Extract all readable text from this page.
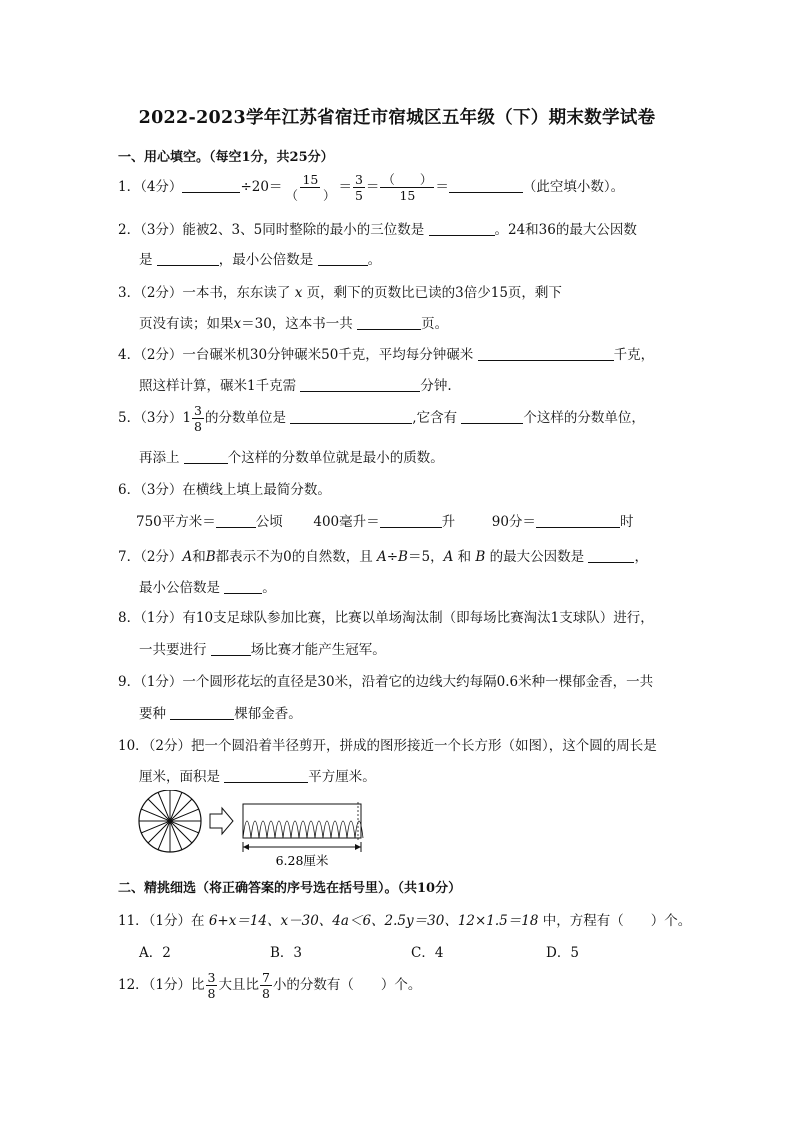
2022-2023学年江苏省宿迁市宿城区五年级（下）期末数学试卷
一、用心填空。（每空1分，共25分）
1．（4分）	$\div 20= \frac{15}{( )} = \frac{3}{5} = \frac{( )}{15}$ ＝	（此空填小数）。
2．（3分）能被2、3、5同时整除的最小的三位数是	。24和36的最大公因数
是	，最小公倍数是	。
3．（2分）一本书，东东读了 x 页，剩下的页数比已读的3倍少15页，剩下
页没有读；如果x＝30，这本书一共	页。
4．（2分）一台碾米机30分钟碾米50千克，平均每分钟碾米	千克，
照这样计算，碾米1千克需	分钟.
5．（3分）$1 \frac{3}{8}$ 的分数单位是	,它含有	个这样的分数单位，
再添上	个这样的分数单位就是最小的质数。
6．（3分）在横线上填上最简分数。
750平方米＝	公顷 400毫升＝	升	90分＝	时
7．（2分）A和B都表示不为0的自然数，且 A÷B＝5，A 和 B 的最大公因数是	，
最小公倍数是	。
8．（1分）有10支足球队参加比赛，比赛以单场淘汰制（即每场比赛淘汰1支球队）进行，
一共要进行	场比赛才能产生冠军。
9．（1分）一个圆形花坛的直径是30米，沿着它的边线大约每隔0.6米种一棵郁金香，一共
要种	棵郁金香。
10．（2分）把一个圆沿着半径剪开，拼成的图形接近一个长方形（如图），这个圆的周长是
厘米，面积是	平方厘米。
6.28厘米
二、精挑细选（将正确答案的序号选在括号里）。（共10分）
11．（1分）在 6+x＝14、x－30、4a＜6、2.5y＝30、12×1.5＝18 中，方程有（　　）个。
A．2	B．3	C．4	D．5
12．（1分）比 $\frac{3}{8}$ 大且比 $\frac{7}{8}$ 小的分数有（　　）个。
